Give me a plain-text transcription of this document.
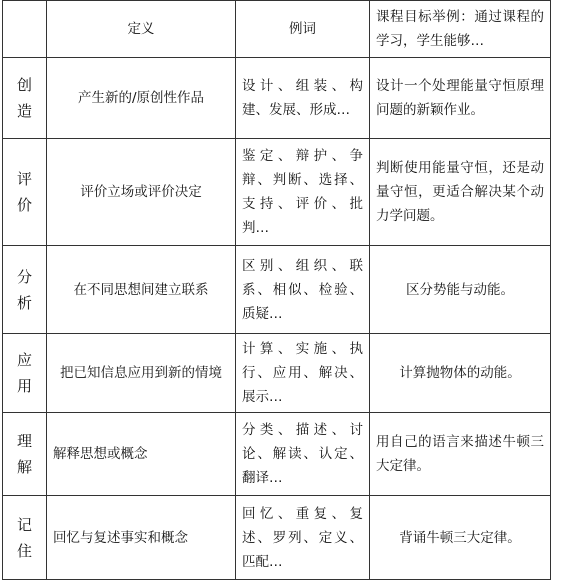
	定义	例词	课程目标举例：通过课程的学习，学生能够…

创
造	产生新的/原创性作品	设计、组装、构建、发展、形成…	设计一个处理能量守恒原理问题的新颖作业。

评
价	评价立场或评价决定	鉴定、辩护、争辩、判断、选择、支持、评价、批判…	判断使用能量守恒，还是动量守恒，更适合解决某个动力学问题。

分
析	在不同思想间建立联系	区别、组织、联系、相似、检验、质疑…	区分势能与动能。

应
用	把已知信息应用到新的情境	计算、实施、执行、应用、解决、展示…	计算抛物体的动能。

理
解	解释思想或概念	分类、描述、讨论、解读、认定、翻译…	用自己的语言来描述牛顿三大定律。

记
住	回忆与复述事实和概念	回忆、重复、复述、罗列、定义、匹配…	背诵牛顿三大定律。
